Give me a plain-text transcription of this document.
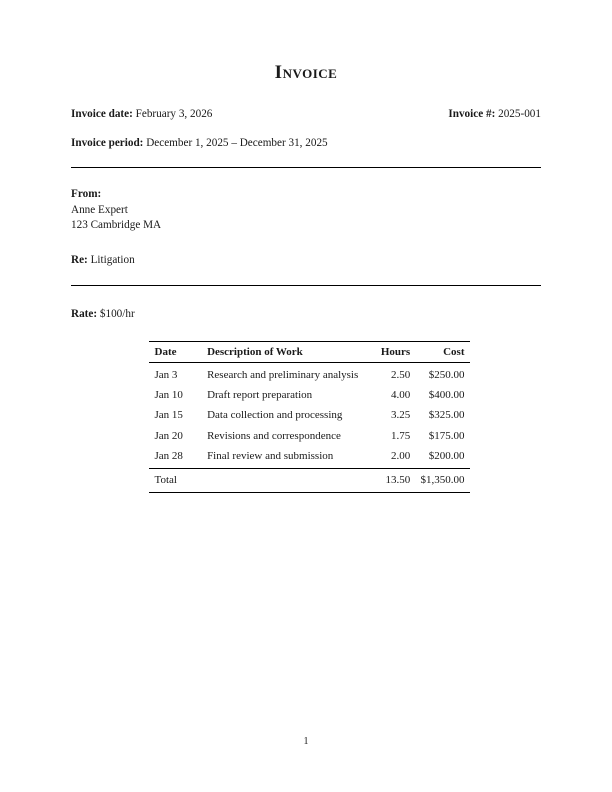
Invoice
Invoice date: February 3, 2026	Invoice #: 2025-001
Invoice period: December 1, 2025 – December 31, 2025
From:
Anne Expert
123 Cambridge MA
Re: Litigation
Rate: $100/hr
Date	Description of Work	Hours	Cost
Jan 3	Research and preliminary analysis	2.50	$250.00
Jan 10	Draft report preparation	4.00	$400.00
Jan 15	Data collection and processing	3.25	$325.00
Jan 20	Revisions and correspondence	1.75	$175.00
Jan 28	Final review and submission	2.00	$200.00
Total		13.50	$1,350.00
1
